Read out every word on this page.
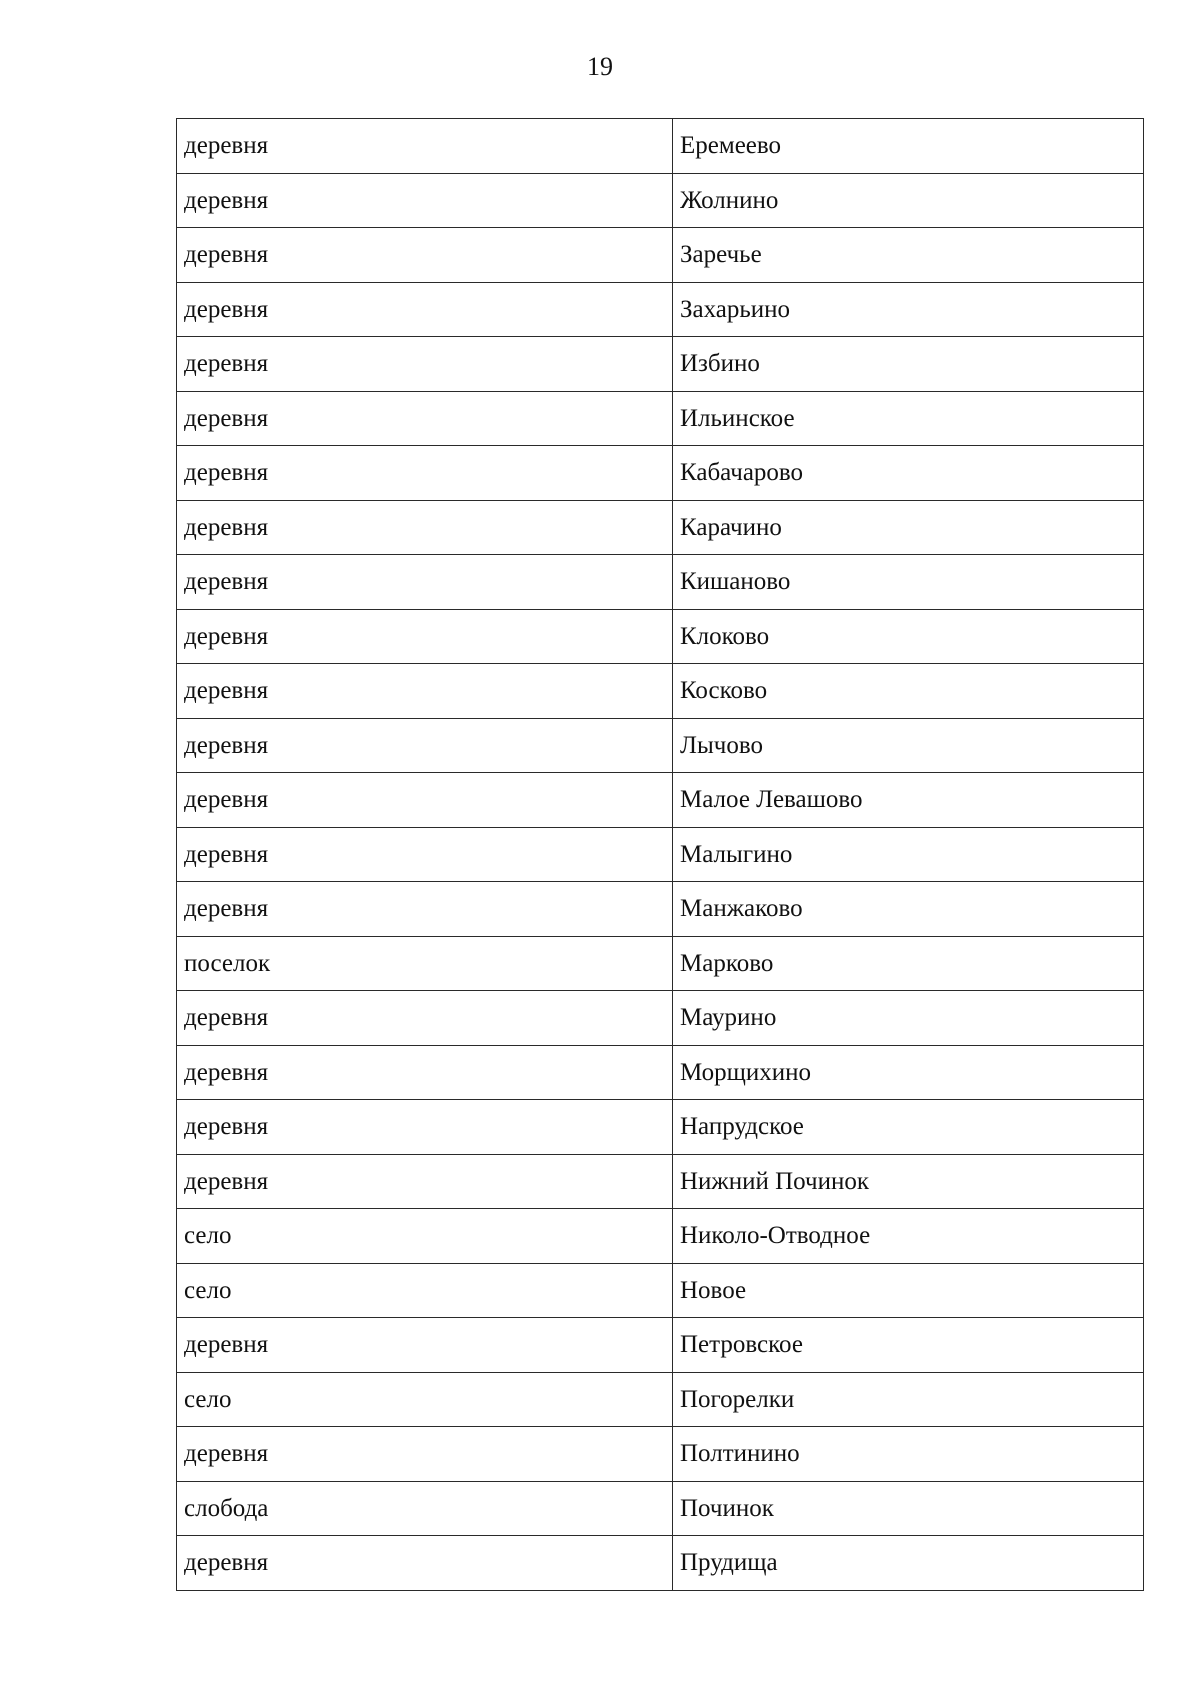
19
деревня	Еремеево
деревня	Жолнино
деревня	Заречье
деревня	Захарьино
деревня	Избино
деревня	Ильинское
деревня	Кабачарово
деревня	Карачино
деревня	Кишаново
деревня	Клоково
деревня	Косково
деревня	Лычово
деревня	Малое Левашово
деревня	Малыгино
деревня	Манжаково
поселок	Марково
деревня	Маурино
деревня	Морщихино
деревня	Напрудское
деревня	Нижний Починок
село	Николо-Отводное
село	Новое
деревня	Петровское
село	Погорелки
деревня	Полтинино
слобода	Починок
деревня	Прудища
